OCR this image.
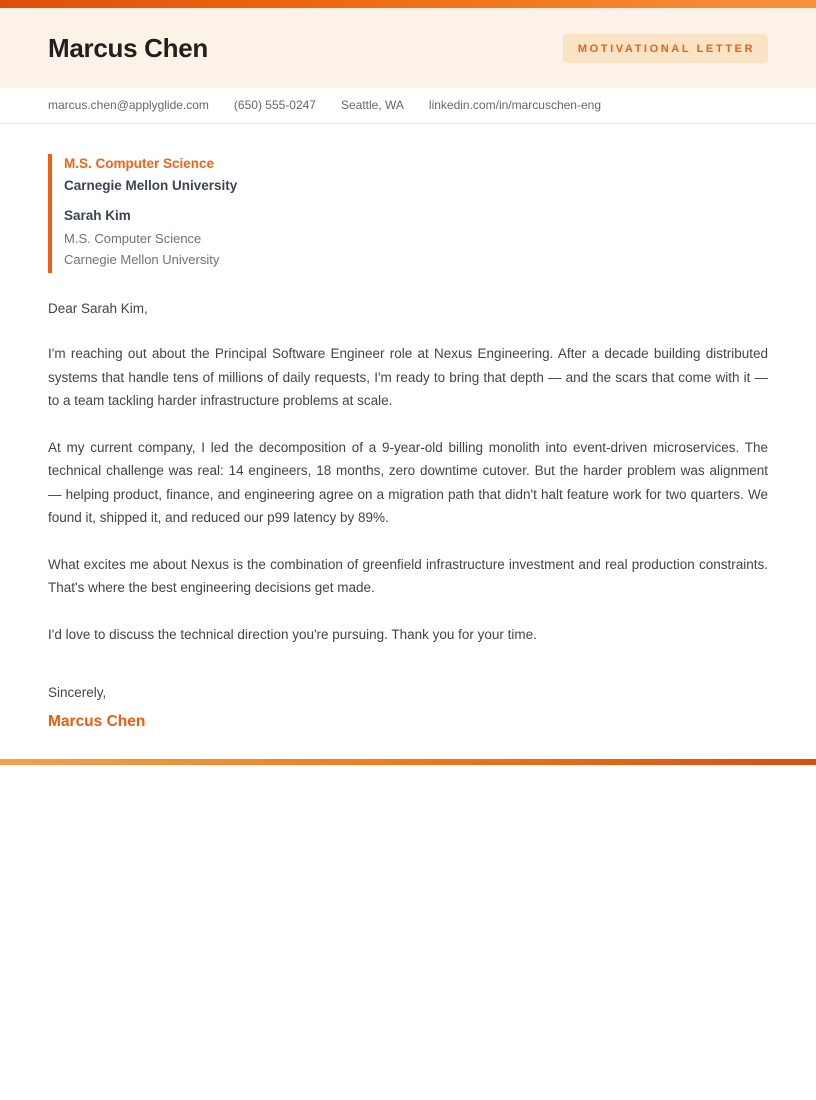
Marcus Chen	MOTIVATIONAL LETTER
marcus.chen@applyglide.com (650) 555-0247 Seattle, WA linkedin.com/in/marcuschen-eng
M.S. Computer Science
Carnegie Mellon University
Sarah Kim
M.S. Computer Science
Carnegie Mellon University

Dear Sarah Kim,

I'm reaching out about the Principal Software Engineer role at Nexus Engineering. After a decade building distributed systems that handle tens of millions of daily requests, I'm ready to bring that depth — and the scars that come with it — to a team tackling harder infrastructure problems at scale.

At my current company, I led the decomposition of a 9-year-old billing monolith into event-driven microservices. The technical challenge was real: 14 engineers, 18 months, zero downtime cutover. But the harder problem was alignment — helping product, finance, and engineering agree on a migration path that didn't halt feature work for two quarters. We found it, shipped it, and reduced our p99 latency by 89%.

What excites me about Nexus is the combination of greenfield infrastructure investment and real production constraints. That's where the best engineering decisions get made.

I'd love to discuss the technical direction you're pursuing. Thank you for your time.

Sincerely,

Marcus Chen
